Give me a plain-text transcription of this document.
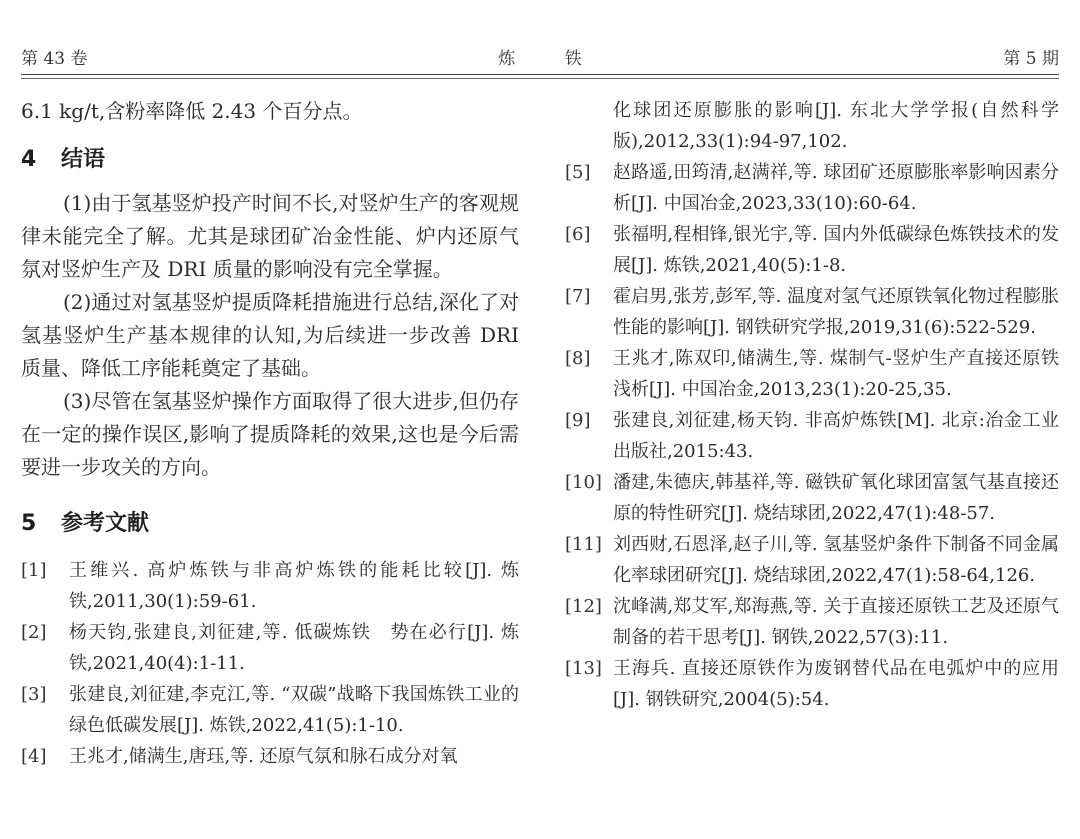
第 43 卷	炼 铁	第 5 期

6.1 kg/t,含粉率降低 2.43 个百分点。

4 结语

(1)由于氢基竖炉投产时间不长,对竖炉生产的客观规律未能完全了解。尤其是球团矿冶金性能、炉内还原气氛对竖炉生产及 DRI 质量的影响没有完全掌握。

(2)通过对氢基竖炉提质降耗措施进行总结,深化了对氢基竖炉生产基本规律的认知,为后续进一步改善 DRI 质量、降低工序能耗奠定了基础。

(3)尽管在氢基竖炉操作方面取得了很大进步,但仍存在一定的操作误区,影响了提质降耗的效果,这也是今后需要进一步攻关的方向。

5 参考文献
[1] 王维兴. 高炉炼铁与非高炉炼铁的能耗比较[J]. 炼铁,2011,30(1):59-61.
[2] 杨天钧,张建良,刘征建,等. 低碳炼铁　势在必行[J]. 炼铁,2021,40(4):1-11.
[3] 张建良,刘征建,李克江,等. “双碳”战略下我国炼铁工业的绿色低碳发展[J]. 炼铁,2022,41(5):1-10.
[4] 王兆才,储满生,唐珏,等. 还原气氛和脉石成分对氧
化球团还原膨胀的影响[J]. 东北大学学报(自然科学版),2012,33(1):94-97,102.
[5] 赵路遥,田筠清,赵满祥,等. 球团矿还原膨胀率影响因素分析[J]. 中国冶金,2023,33(10):60-64.
[6] 张福明,程相锋,银光宇,等. 国内外低碳绿色炼铁技术的发展[J]. 炼铁,2021,40(5):1-8.
[7] 霍启男,张芳,彭军,等. 温度对氢气还原铁氧化物过程膨胀性能的影响[J]. 钢铁研究学报,2019,31(6):522-529.
[8] 王兆才,陈双印,储满生,等. 煤制气-竖炉生产直接还原铁浅析[J]. 中国冶金,2013,23(1):20-25,35.
[9] 张建良,刘征建,杨天钧. 非高炉炼铁[M]. 北京:冶金工业出版社,2015:43.
[10] 潘建,朱德庆,韩基祥,等. 磁铁矿氧化球团富氢气基直接还原的特性研究[J]. 烧结球团,2022,47(1):48-57.
[11] 刘西财,石恩泽,赵子川,等. 氢基竖炉条件下制备不同金属化率球团研究[J]. 烧结球团,2022,47(1):58-64,126.
[12] 沈峰满,郑艾军,郑海燕,等. 关于直接还原铁工艺及还原气制备的若干思考[J]. 钢铁,2022,57(3):11.
[13] 王海兵. 直接还原铁作为废钢替代品在电弧炉中的应用[J]. 钢铁研究,2004(5):54.
